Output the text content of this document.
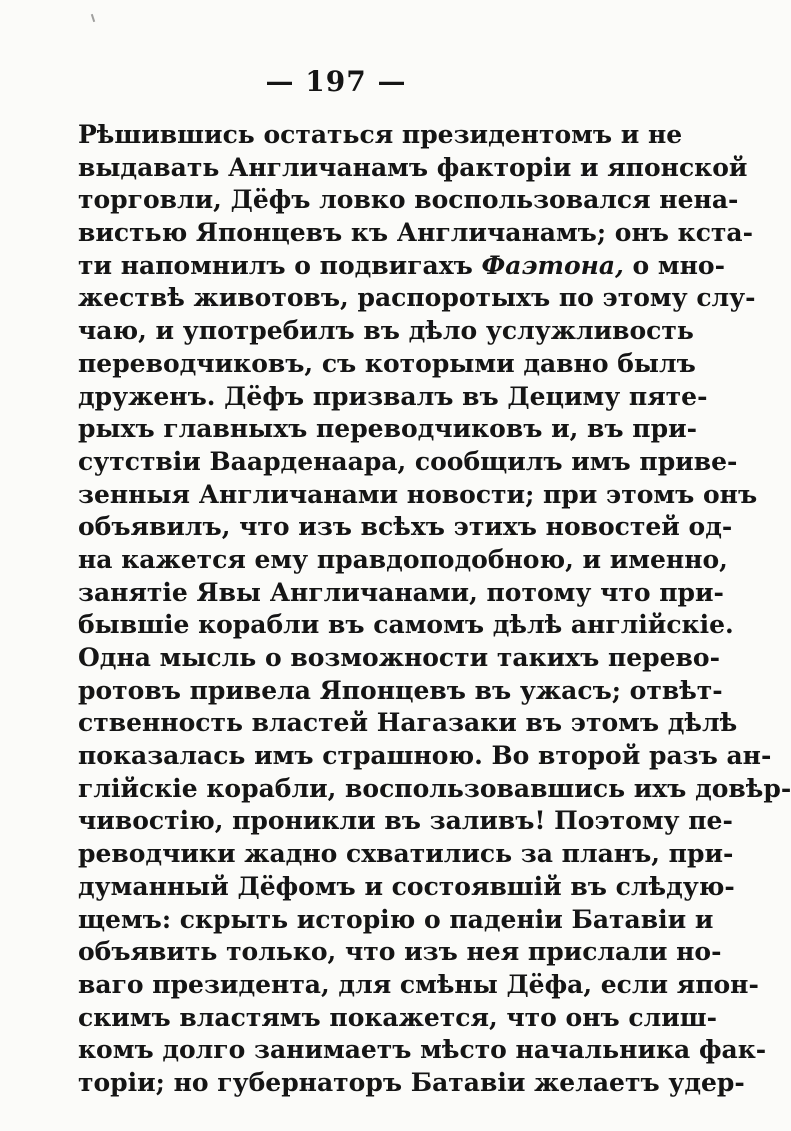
— 197 —
Рѣшившись остаться президентомъ и не
выдавать Англичанамъ факторіи и японской
торговли, Дёфъ ловко воспользовался нена-
вистью Японцевъ къ Англичанамъ; онъ кста-
ти напомнилъ о подвигахъ Фаэтона, о мно-
жествѣ животовъ, распоротыхъ по этому слу-
чаю, и употребилъ въ дѣло услужливость
переводчиковъ, съ которыми давно былъ
друженъ. Дёфъ призвалъ въ Дециму пяте-
рыхъ главныхъ переводчиковъ и, въ при-
сутствіи Ваарденаара, сообщилъ имъ приве-
зенныя Англичанами новости; при этомъ онъ
объявилъ, что изъ всѣхъ этихъ новостей од-
на кажется ему правдоподобною, и именно,
занятіе Явы Англичанами, потому что при-
бывшіе корабли въ самомъ дѣлѣ англійскіе.
Одна мысль о возможности такихъ перево-
ротовъ привела Японцевъ въ ужасъ; отвѣт-
ственность властей Нагазаки въ этомъ дѣлѣ
показалась имъ страшною. Во второй разъ ан-
глійскіе корабли, воспользовавшись ихъ довѣр-
чивостію, проникли въ заливъ! Поэтому пе-
реводчики жадно схватились за планъ, при-
думанный Дёфомъ и состоявшій въ слѣдую-
щемъ: скрыть исторію о паденіи Батавіи и
объявить только, что изъ нея прислали но-
ваго президента, для смѣны Дёфа, если япон-
скимъ властямъ покажется, что онъ слиш-
комъ долго занимаетъ мѣсто начальника фак-
торіи; но губернаторъ Батавіи желаетъ удер-
